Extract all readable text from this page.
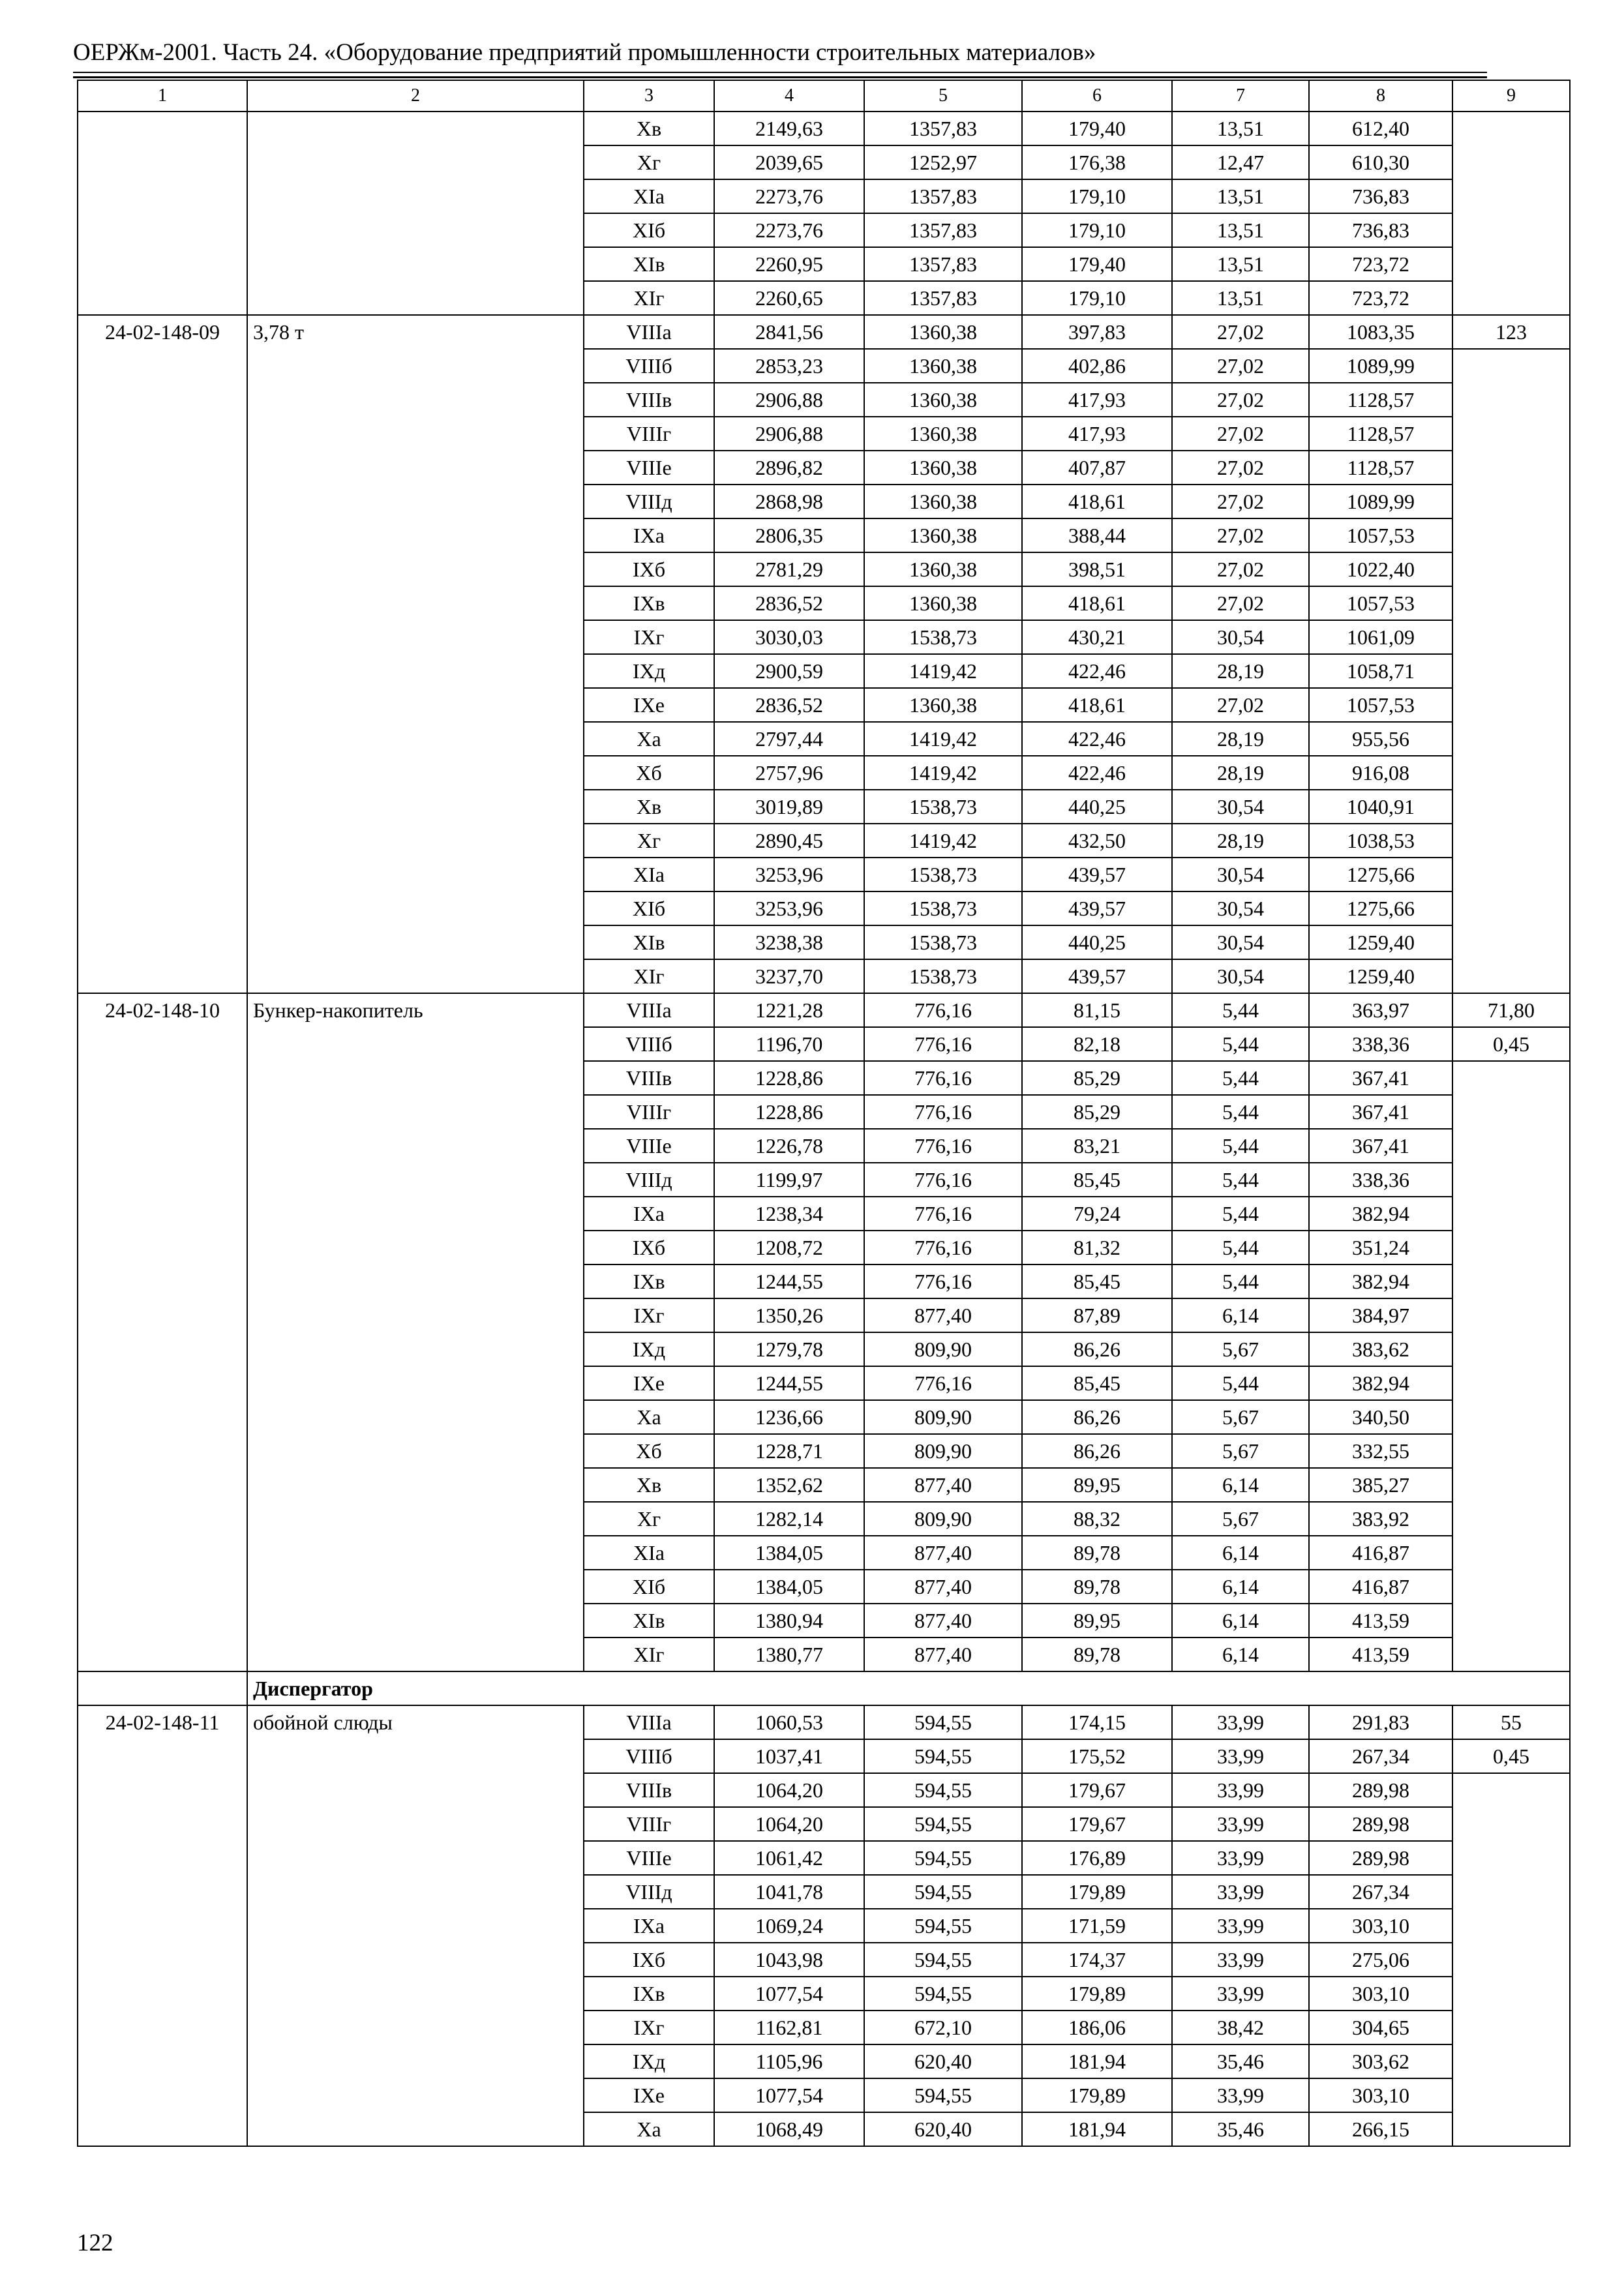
ОЕРЖм-2001. Часть 24. «Оборудование предприятий промышленности строительных материалов»
1	2	3	4	5	6	7	8	9
		Хв	2149,63	1357,83	179,40	13,51	612,40	
		Хг	2039,65	1252,97	176,38	12,47	610,30	
		ХIа	2273,76	1357,83	179,10	13,51	736,83	
		ХIб	2273,76	1357,83	179,10	13,51	736,83	
		ХIв	2260,95	1357,83	179,40	13,51	723,72	
		ХIг	2260,65	1357,83	179,10	13,51	723,72	
24-02-148-09	3,78 т	VIIIа	2841,56	1360,38	397,83	27,02	1083,35	123
		VIIIб	2853,23	1360,38	402,86	27,02	1089,99	
		VIIIв	2906,88	1360,38	417,93	27,02	1128,57	
		VIIIг	2906,88	1360,38	417,93	27,02	1128,57	
		VIIIе	2896,82	1360,38	407,87	27,02	1128,57	
		VIIIд	2868,98	1360,38	418,61	27,02	1089,99	
		IХа	2806,35	1360,38	388,44	27,02	1057,53	
		IХб	2781,29	1360,38	398,51	27,02	1022,40	
		IХв	2836,52	1360,38	418,61	27,02	1057,53	
		IХг	3030,03	1538,73	430,21	30,54	1061,09	
		IХд	2900,59	1419,42	422,46	28,19	1058,71	
		IХе	2836,52	1360,38	418,61	27,02	1057,53	
		Ха	2797,44	1419,42	422,46	28,19	955,56	
		Хб	2757,96	1419,42	422,46	28,19	916,08	
		Хв	3019,89	1538,73	440,25	30,54	1040,91	
		Хг	2890,45	1419,42	432,50	28,19	1038,53	
		ХIа	3253,96	1538,73	439,57	30,54	1275,66	
		ХIб	3253,96	1538,73	439,57	30,54	1275,66	
		ХIв	3238,38	1538,73	440,25	30,54	1259,40	
		ХIг	3237,70	1538,73	439,57	30,54	1259,40	
24-02-148-10	Бункер-накопитель	VIIIа	1221,28	776,16	81,15	5,44	363,97	71,80
		VIIIб	1196,70	776,16	82,18	5,44	338,36	0,45
		VIIIв	1228,86	776,16	85,29	5,44	367,41	
		VIIIг	1228,86	776,16	85,29	5,44	367,41	
		VIIIе	1226,78	776,16	83,21	5,44	367,41	
		VIIIд	1199,97	776,16	85,45	5,44	338,36	
		IХа	1238,34	776,16	79,24	5,44	382,94	
		IХб	1208,72	776,16	81,32	5,44	351,24	
		IХв	1244,55	776,16	85,45	5,44	382,94	
		IХг	1350,26	877,40	87,89	6,14	384,97	
		IХд	1279,78	809,90	86,26	5,67	383,62	
		IХе	1244,55	776,16	85,45	5,44	382,94	
		Ха	1236,66	809,90	86,26	5,67	340,50	
		Хб	1228,71	809,90	86,26	5,67	332,55	
		Хв	1352,62	877,40	89,95	6,14	385,27	
		Хг	1282,14	809,90	88,32	5,67	383,92	
		ХIа	1384,05	877,40	89,78	6,14	416,87	
		ХIб	1384,05	877,40	89,78	6,14	416,87	
		ХIв	1380,94	877,40	89,95	6,14	413,59	
		ХIг	1380,77	877,40	89,78	6,14	413,59	
	Диспергатор							
24-02-148-11	обойной слюды	VIIIа	1060,53	594,55	174,15	33,99	291,83	55
		VIIIб	1037,41	594,55	175,52	33,99	267,34	0,45
		VIIIв	1064,20	594,55	179,67	33,99	289,98	
		VIIIг	1064,20	594,55	179,67	33,99	289,98	
		VIIIе	1061,42	594,55	176,89	33,99	289,98	
		VIIIд	1041,78	594,55	179,89	33,99	267,34	
		IХа	1069,24	594,55	171,59	33,99	303,10	
		IХб	1043,98	594,55	174,37	33,99	275,06	
		IХв	1077,54	594,55	179,89	33,99	303,10	
		IХг	1162,81	672,10	186,06	38,42	304,65	
		IХд	1105,96	620,40	181,94	35,46	303,62	
		IХе	1077,54	594,55	179,89	33,99	303,10	
		Ха	1068,49	620,40	181,94	35,46	266,15	
122
